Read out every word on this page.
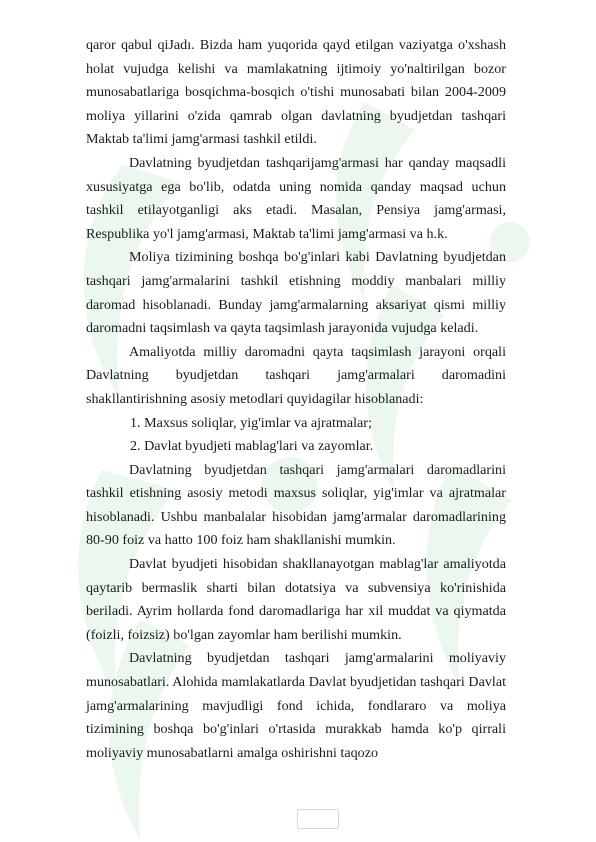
qaror qabul qiJadı. Bizda ham yuqorida qayd etilgan vaziyatga o'xshash holat vujudga kelishi va mamlakatning ijtimoiy yo'naltirilgan bozor munosabatlariga bosqichma-bosqich o'tishi munosabati bilan 2004-2009 moliya yillarini o'zida qamrab olgan davlatning byudjetdan tashqari Maktab ta'limi jamg'armasi tashkil etildi.

Davlatning byudjetdan tashqarijamg'armasi har qanday maqsadli xususiyatga ega bo'lib, odatda uning nomida qanday maqsad uchun tashkil etilayotganligi aks etadi. Masalan, Pensiya jamg'armasi, Respublika yo'l jamg'armasi, Maktab ta'limi jamg'armasi va h.k.

Moliya tizimining boshqa bo'g'inlari kabi Davlatning byudjetdan tashqari jamg'armalarini tashkil etishning moddiy manbalari milliy daromad hisoblanadi. Bunday jamg'armalarning aksariyat qismi milliy daromadni taqsimlash va qayta taqsimlash jarayonida vujudga keladi.

Amaliyotda milliy daromadni qayta taqsimlash jarayoni orqali Davlatning byudjetdan tashqari jamg'armalari daromadini shakllantirishning asosiy metodlari quyidagilar hisoblanadi:

1. Maxsus soliqlar, yig'imlar va ajratmalar;

2. Davlat byudjeti mablag'lari va zayomlar.

Davlatning byudjetdan tashqari jamg'armalari daromadlarini tashkil etishning asosiy metodi maxsus soliqlar, yig'imlar va ajratmalar hisoblanadi. Ushbu manbalalar hisobidan jamg'armalar daromadlarining 80-90 foiz va hatto 100 foiz ham shakllanishi mumkin.

Davlat byudjeti hisobidan shakllanayotgan mablag'lar amaliyotda qaytarib bermaslik sharti bilan dotatsiya va subvensiya ko'rinishida beriladi. Ayrim hollarda fond daromadlariga har xil muddat va qiymatda (foizli, foizsiz) bo'lgan zayomlar ham berilishi mumkin.

Davlatning byudjetdan tashqari jamg'armalarini moliyaviy munosabatlari. Alohida mamlakatlarda Davlat byudjetidan tashqari Davlat jamg'armalarining mavjudligi fond ichida, fondlararo va moliya tizimining boshqa bo'g'inlari o'rtasida murakkab hamda ko'p qirrali moliyaviy munosabatlarni amalga oshirishni taqozo
